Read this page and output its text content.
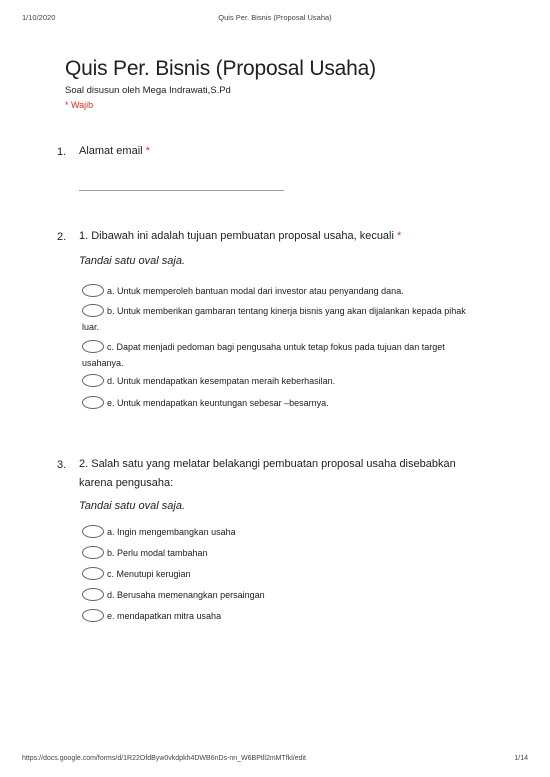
1/10/2020	Quis Per. Bisnis (Proposal Usaha)
Quis Per. Bisnis (Proposal Usaha)
Soal disusun oleh Mega Indrawati,S.Pd
* Wajib
1. Alamat email *
2. 1. Dibawah ini adalah tujuan pembuatan proposal usaha, kecuali *
Tandai satu oval saja.
a. Untuk memperoleh bantuan modal dari investor atau penyandang dana.
b. Untuk memberikan gambaran tentang kinerja bisnis yang akan dijalankan kepada pihak luar.
c. Dapat menjadi pedoman bagi pengusaha untuk tetap fokus pada tujuan dan target usahanya.
d. Untuk mendapatkan kesempatan meraih keberhasilan.
e. Untuk mendapatkan keuntungan sebesar –besarnya.
3. 2. Salah satu yang melatar belakangi pembuatan proposal usaha disebabkan karena pengusaha:
Tandai satu oval saja.
a. Ingin mengembangkan usaha
b. Perlu modal tambahan
c. Menutupi kerugian
d. Berusaha memenangkan persaingan
e. mendapatkan mitra usaha
https://docs.google.com/forms/d/1R22OfdByw0vkdpkh4DWB6nDs-nn_W6BPtll2mMTfkl/edit	1/14
